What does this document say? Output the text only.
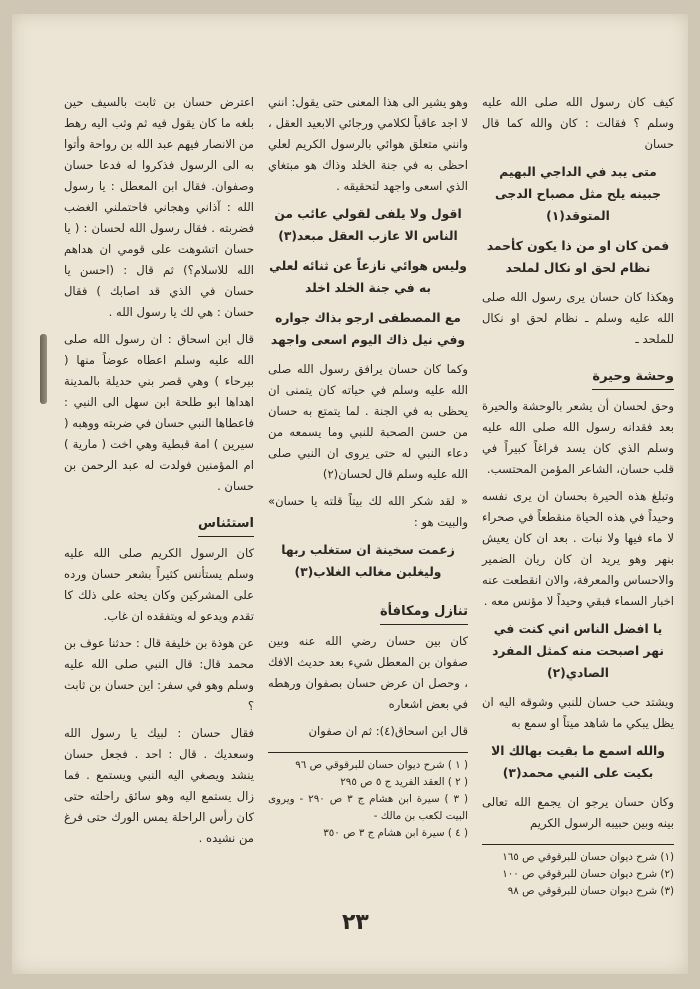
كيف كان رسول الله صلى الله عليه وسلم ؟ فقالت : كان والله كما قال حسان

متى يبد في الداجي البهيم جبينه يلح مثل مصباح الدجى المتوقد(١)
فمن كان او من ذا يكون كأحمد نظام لحق او نكال لملحد

وهكذا كان حسان يرى رسول الله صلى الله عليه وسلم ـ نظام لحق او نكال للملحد ـ

وحشة وحيرة

وحق لحسان أن يشعر بالوحشة والحيرة بعد فقدانه رسول الله صلى الله عليه وسلم الذي كان يسد فراغاً كبيراً في قلب حسان، الشاعر المؤمن المحتسب.

وتبلغ هذه الحيرة بحسان ان يرى نفسه وحيداً في هذه الحياة منقطعاً في صحراء لا ماء فيها ولا نبات . بعد ان كان يعيش بنهر وهو يريد ان كان ريان الضمير والاحساس والمعرفة، والان انقطعت عنه اخبار السماء فبقي وحيداً لا مؤنس معه .

يا افضل الناس اني كنت في نهر اصبحت منه كمثل المفرد الصادي(٢)

ويشتد حب حسان للنبي وشوقه اليه ان يظل يبكي ما شاهد ميتاً او سمع به

والله اسمع ما بقيت بهالك الا بكيت على النبي محمد(٣)

وكان حسان يرجو ان يجمع الله تعالى بينه وبين حبيبه الرسول الكريم

(١) شرح ديوان حسان للبرقوقي ص ١٦٥
(٢) شرح ديوان حسان للبرقوقي ص ١٠٠
(٣) شرح ديوان حسان للبرقوقي ص ٩٨

وهو يشير الى هذا المعنى حتى يقول: انني لا اجد عاقباً لكلامي ورجائي الابعيد العقل ، وانني متعلق هوائي بالرسول الكريم لعلي احظى به في جنة الخلد وذاك هو مبتغاي الذي اسعى واجهد لتحقيقه .

اقول ولا يلفى لقولي عائب من الناس الا عازب العقل مبعد(٣)
وليس هوائي نازعاً عن ثنائه لعلي به في جنة الخلد اخلد
مع المصطفى ارجو بذاك جواره وفي نيل ذاك اليوم اسعى واجهد

وكما كان حسان يرافق رسول الله صلى الله عليه وسلم في حياته كان يتمنى ان يحظى به في الجنة . لما يتمتع به حسان من حسن الصحبة للنبي وما يسمعه من دعاء النبي له حتى يروى ان النبي صلى الله عليه وسلم قال لحسان(٢)

« لقد شكر الله لك بيتاً قلته يا حسان» والبيت هو :

زعمت سخينة ان ستغلب ربها وليغلبن مغالب الغلاب(٣)
تنازل ومكافأة

كان بين حسان رضي الله عنه وبين صفوان بن المعطل شيء بعد حديث الافك ، وحصل ان عرض حسان بصفوان ورهطه في بعض اشعاره

قال ابن اسحاق(٤): ثم ان صفوان

( ١ ) شرح ديوان حسان للبرقوقي ص ٩٦
( ٢ ) العقد الفريد ج ٥ ص ٢٩٥
( ٣ ) سيرة ابن هشام ج ٣ ص ٢٩٠ - ويروى البيت لكعب بن مالك -
( ٤ ) سيرة ابن هشام ج ٣ ص ٣٥٠

اعترض حسان بن ثابت بالسيف حين بلغه ما كان يقول فيه ثم وثب اليه رهط من الانصار فيهم عبد الله بن رواحة وأتوا به الى الرسول فذكروا له فدعا حسان وصفوان. فقال ابن المعطل : يا رسول الله : آذاني وهجاني فاحتملني الغضب فضربته . فقال رسول الله لحسان : ( يا حسان اتشوهت على قومي ان هداهم الله للاسلام؟) ثم قال : (احسن يا حسان في الذي قد اصابك ) فقال حسان : هي لك يا رسول الله .

قال ابن اسحاق : ان رسول الله صلى الله عليه وسلم اعطاه عوضاً منها ( بيرحاء ) وهي قصر بني حديلة بالمدينة اهداها ابو طلحة ابن سهل الى النبي : فاعطاها النبي حسان في ضربته ووهبه ( سيرين ) امة قبطية وهي اخت ( مارية ) ام المؤمنين فولدت له عبد الرحمن بن حسان .

استئناس

كان الرسول الكريم صلى الله عليه وسلم يستأنس كثيراً بشعر حسان ورده على المشركين وكان يحثه على ذلك كا تقدم ويدعو له ويتفقده ان غاب.

عن هوذة بن خليفة قال : حدثنا عوف بن محمد قال: قال النبي صلى الله عليه وسلم وهو في سفر: اين حسان بن ثابت ؟

فقال حسان : لبيك يا رسول الله وسعديك . قال : احد . فجعل حسان ينشد ويصغي اليه النبي ويستمع . فما زال يستمع اليه وهو سائق راحلته حتى كان رأس الراحلة يمس الورك حتى فرغ من نشيده .

٢٣
